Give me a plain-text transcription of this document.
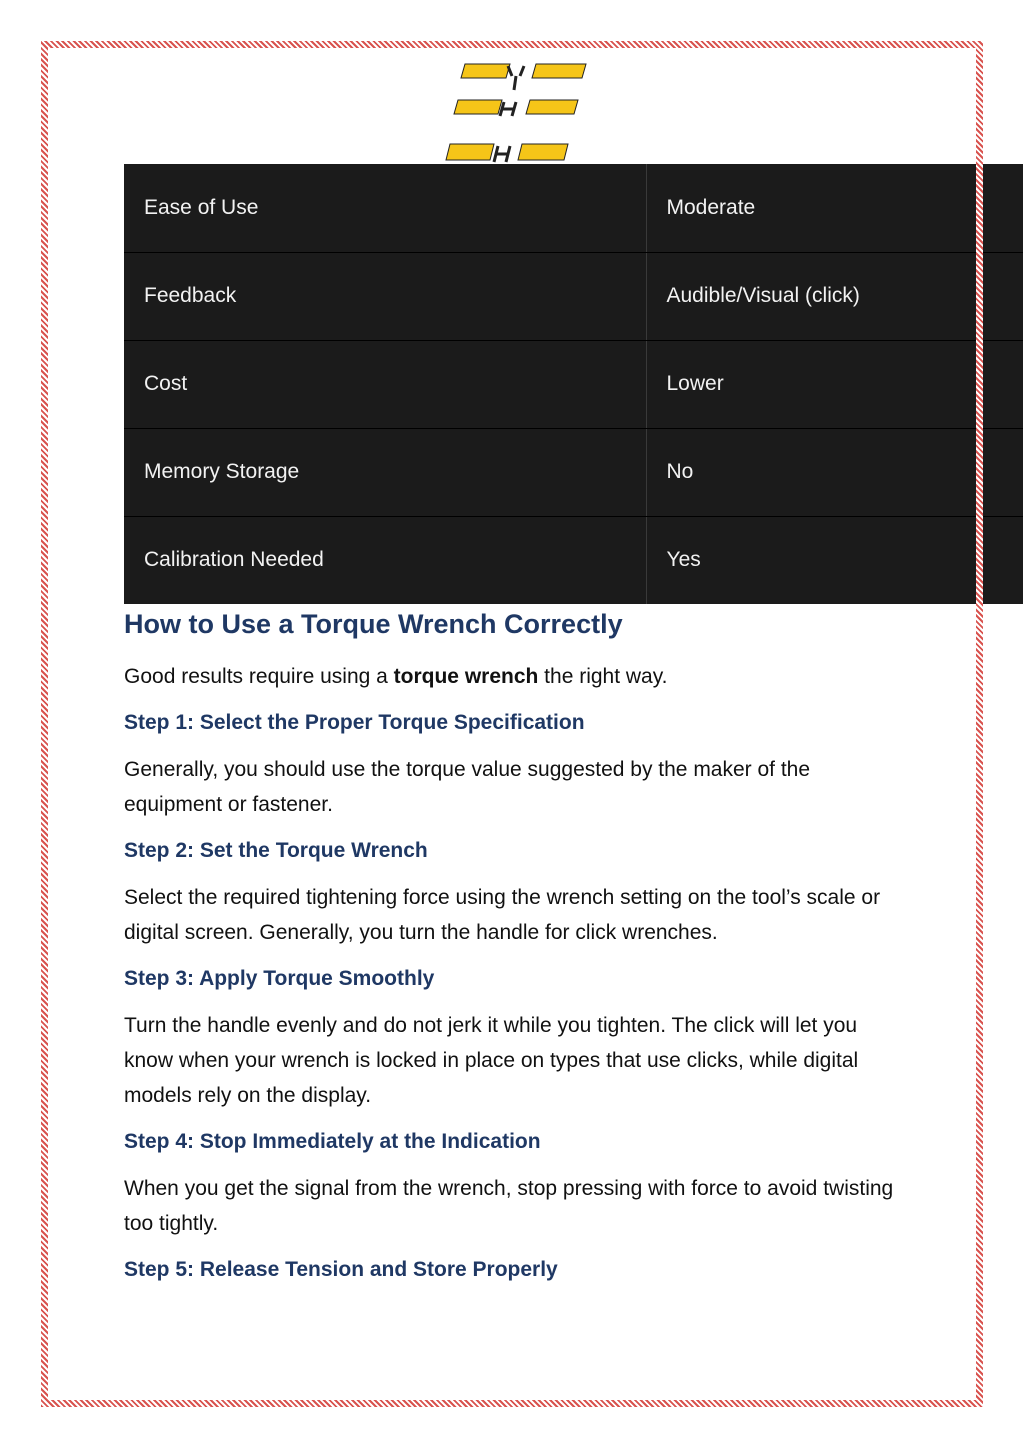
Ease of Use	Moderate
Feedback	Audible/Visual (click)
Cost	Lower
Memory Storage	No
Calibration Needed	Yes
How to Use a Torque Wrench Correctly

Good results require using a torque wrench the right way.

Step 1: Select the Proper Torque Specification

Generally, you should use the torque value suggested by the maker of the equipment or fastener.

Step 2: Set the Torque Wrench

Select the required tightening force using the wrench setting on the tool’s scale or digital screen. Generally, you turn the handle for click wrenches.

Step 3: Apply Torque Smoothly

Turn the handle evenly and do not jerk it while you tighten. The click will let you know when your wrench is locked in place on types that use clicks, while digital models rely on the display.

Step 4: Stop Immediately at the Indication

When you get the signal from the wrench, stop pressing with force to avoid twisting too tightly.

Step 5: Release Tension and Store Properly
